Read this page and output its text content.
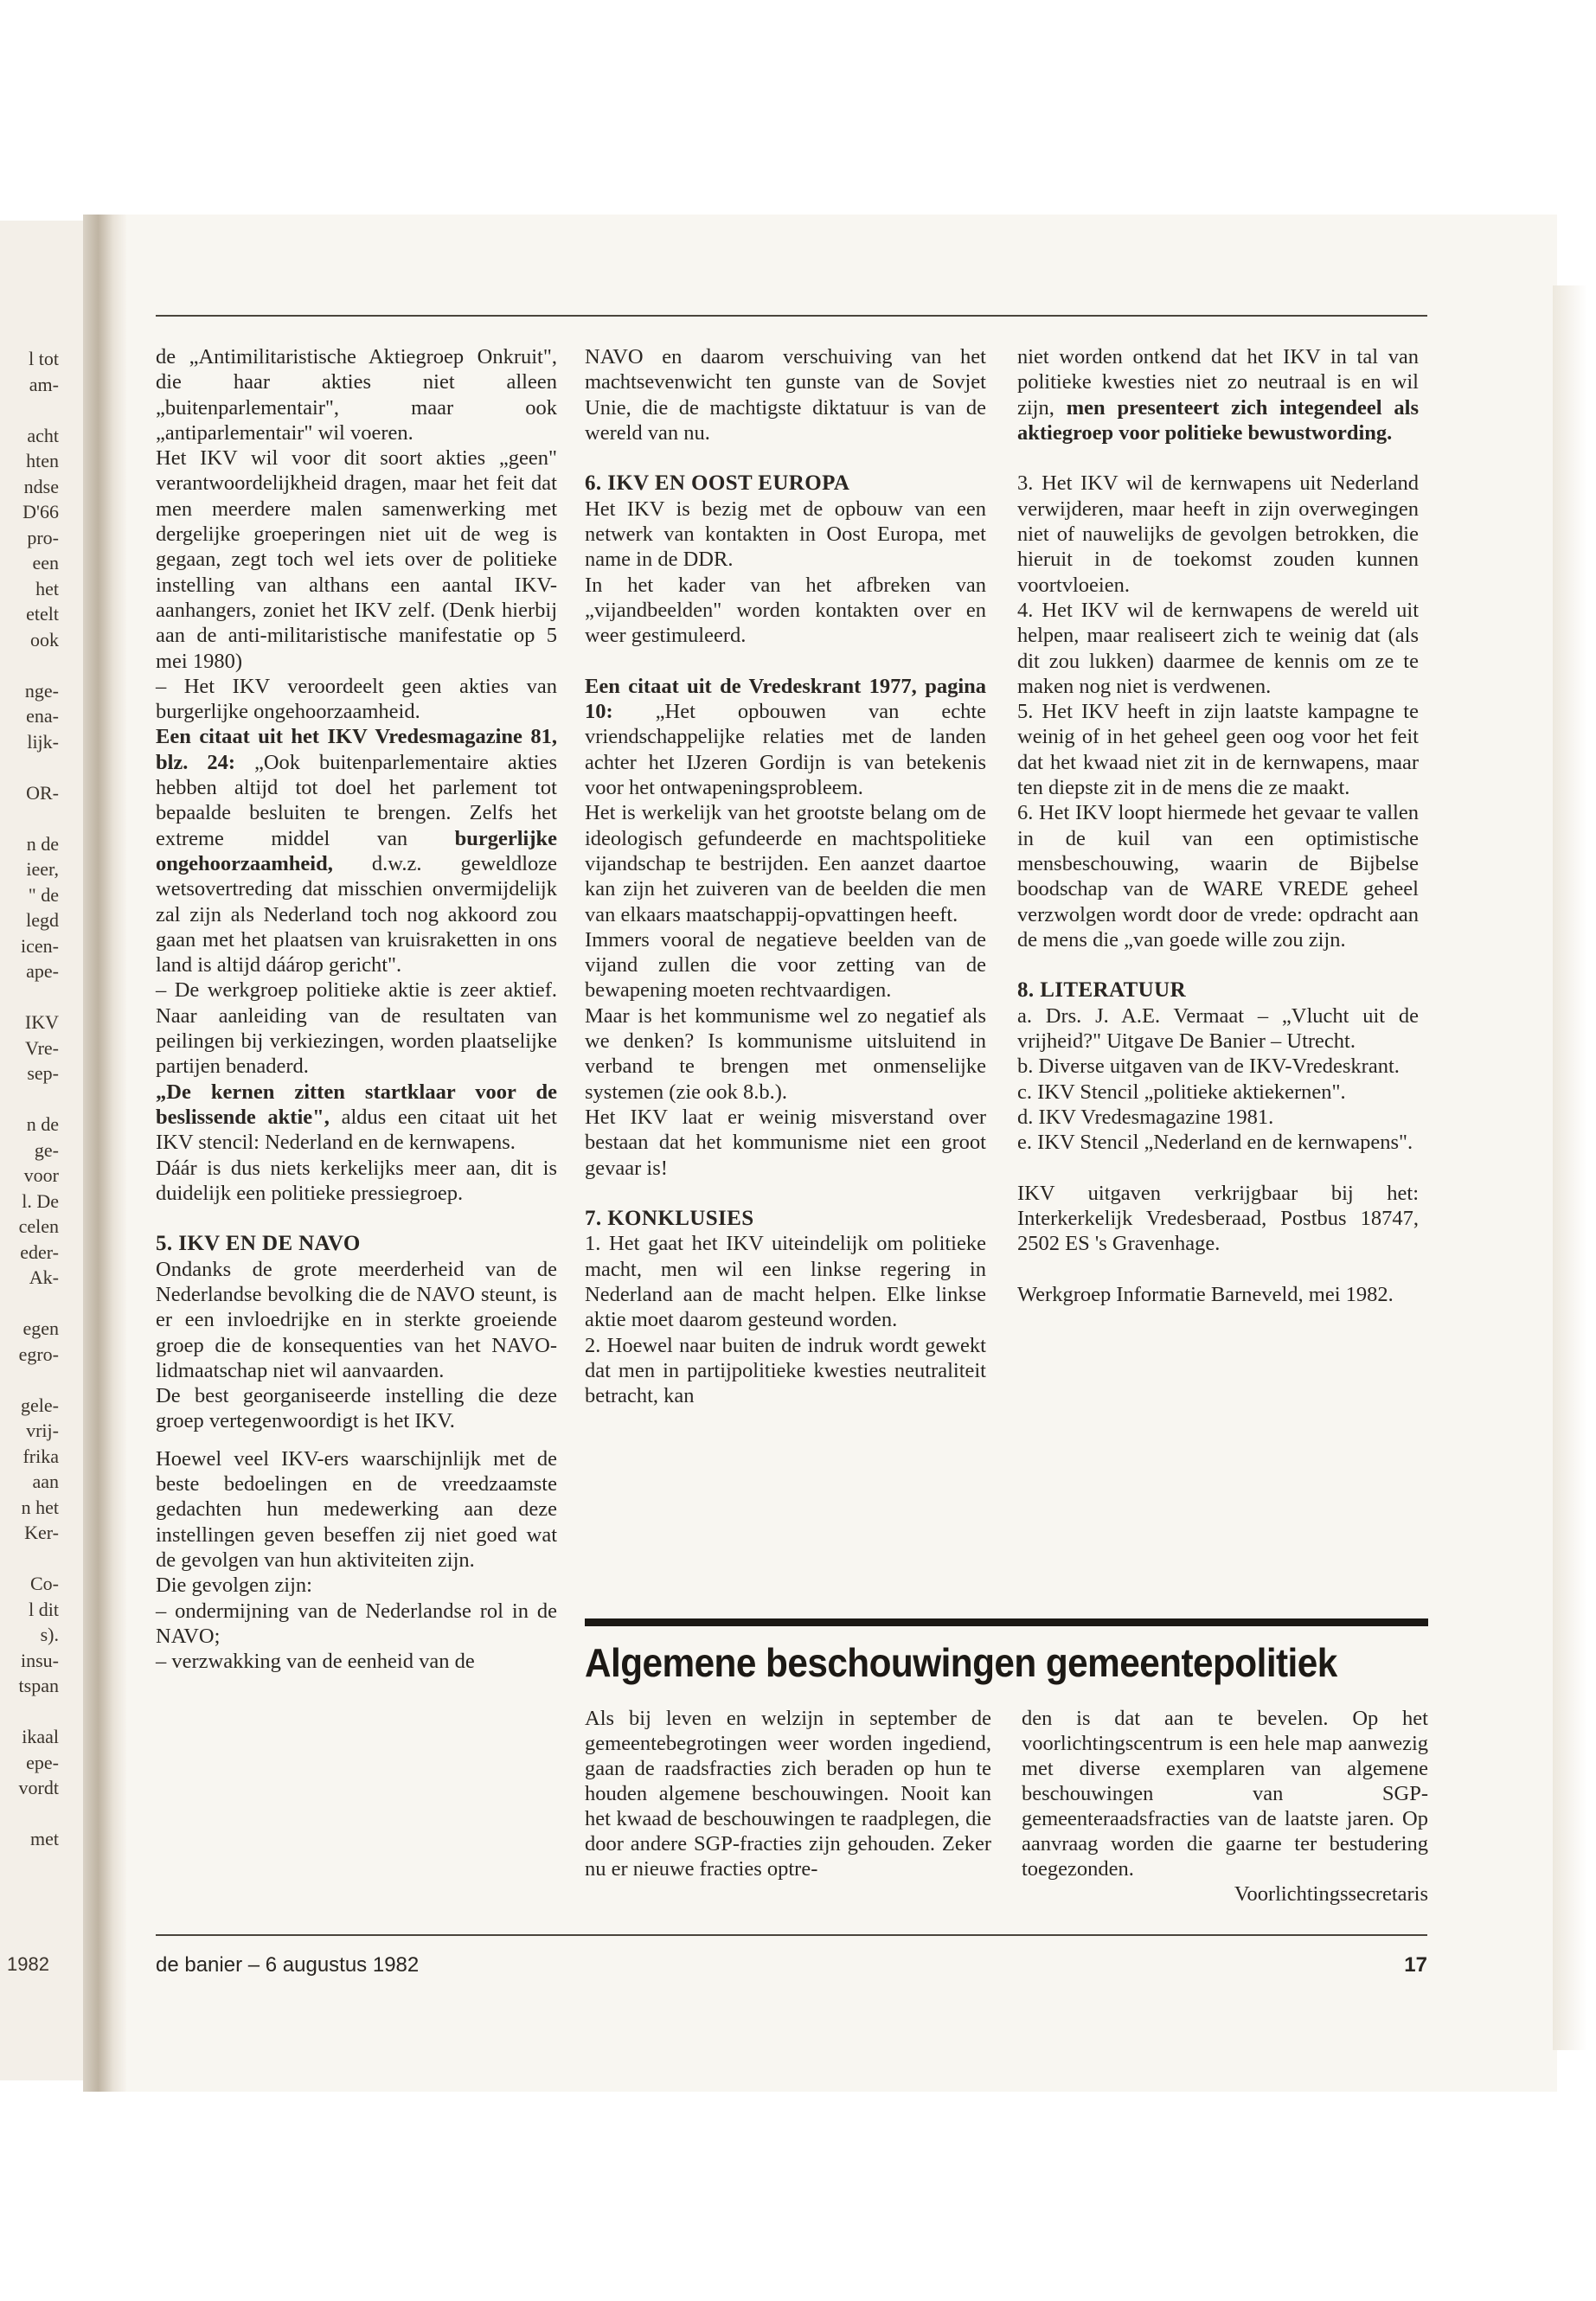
l tot
am-
acht
hten
ndse
D'66
pro-
een
het
etelt
ook
nge-
ena-
lijk-
OR-
n de
ieer,
" de
legd
icen-
ape-
IKV
Vre-
sep-
n de
ge-
voor
l. De
celen
eder-
Ak-
egen
egro-
gele-
vrij-
frika
aan
n het
Ker-
Co-
l dit
s).
insu-
tspan
ikaal
epe-
vordt
met
1982

de „Antimilitaristische Aktiegroep Onkruit", die haar akties niet alleen „buitenparlementair", maar ook „antiparlementair" wil voeren.

Het IKV wil voor dit soort akties „geen" verantwoordelijkheid dragen, maar het feit dat men meerdere malen samenwerking met dergelijke groeperingen niet uit de weg is gegaan, zegt toch wel iets over de politieke instelling van althans een aantal IKV-aanhangers, zoniet het IKV zelf. (Denk hierbij aan de anti-militaristische manifestatie op 5 mei 1980)

– Het IKV veroordeelt geen akties van burgerlijke ongehoorzaamheid.

Een citaat uit het IKV Vredesmagazine 81, blz. 24: „Ook buitenparlementaire akties hebben altijd tot doel het parlement tot bepaalde besluiten te brengen. Zelfs het extreme middel van burgerlijke ongehoorzaamheid, d.w.z. geweldloze wetsovertreding dat misschien onvermijdelijk zal zijn als Nederland toch nog akkoord zou gaan met het plaatsen van kruisraketten in ons land is altijd dáárop gericht".

– De werkgroep politieke aktie is zeer aktief. Naar aanleiding van de resultaten van peilingen bij verkiezingen, worden plaatselijke partijen benaderd.

„De kernen zitten startklaar voor de beslissende aktie", aldus een citaat uit het IKV stencil: Nederland en de kernwapens.

Dáár is dus niets kerkelijks meer aan, dit is duidelijk een politieke pressiegroep.

5. IKV EN DE NAVO

Ondanks de grote meerderheid van de Nederlandse bevolking die de NAVO steunt, is er een invloedrijke en in sterkte groeiende groep die de konsequenties van het NAVO-lidmaatschap niet wil aanvaarden.

De best georganiseerde instelling die deze groep vertegenwoordigt is het IKV.

Hoewel veel IKV-ers waarschijnlijk met de beste bedoelingen en de vreedzaamste gedachten hun medewerking aan deze instellingen geven beseffen zij niet goed wat de gevolgen van hun aktiviteiten zijn.

Die gevolgen zijn:

– ondermijning van de Nederlandse rol in de NAVO;

– verzwakking van de eenheid van de

NAVO en daarom verschuiving van het machtsevenwicht ten gunste van de Sovjet Unie, die de machtigste diktatuur is van de wereld van nu.

6. IKV EN OOST EUROPA

Het IKV is bezig met de opbouw van een netwerk van kontakten in Oost Europa, met name in de DDR.

In het kader van het afbreken van „vijandbeelden" worden kontakten over en weer gestimuleerd.

Een citaat uit de Vredeskrant 1977, pagina 10: „Het opbouwen van echte vriendschappelijke relaties met de landen achter het IJzeren Gordijn is van betekenis voor het ontwapeningsprobleem.

Het is werkelijk van het grootste belang om de ideologisch gefundeerde en machtspolitieke vijandschap te bestrijden. Een aanzet daartoe kan zijn het zuiveren van de beelden die men van elkaars maatschappij-opvattingen heeft.

Immers vooral de negatieve beelden van de vijand zullen die voor zetting van de bewapening moeten rechtvaardigen.

Maar is het kommunisme wel zo negatief als we denken? Is kommunisme uitsluitend in verband te brengen met onmenselijke systemen (zie ook 8.b.).

Het IKV laat er weinig misverstand over bestaan dat het kommunisme niet een groot gevaar is!

7. KONKLUSIES

1. Het gaat het IKV uiteindelijk om politieke macht, men wil een linkse regering in Nederland aan de macht helpen. Elke linkse aktie moet daarom gesteund worden.

2. Hoewel naar buiten de indruk wordt gewekt dat men in partijpolitieke kwesties neutraliteit betracht, kan

niet worden ontkend dat het IKV in tal van politieke kwesties niet zo neutraal is en wil zijn, men presenteert zich integendeel als aktiegroep voor politieke bewustwording.

3. Het IKV wil de kernwapens uit Nederland verwijderen, maar heeft in zijn overwegingen niet of nauwelijks de gevolgen betrokken, die hieruit in de toekomst zouden kunnen voortvloeien.

4. Het IKV wil de kernwapens de wereld uit helpen, maar realiseert zich te weinig dat (als dit zou lukken) daarmee de kennis om ze te maken nog niet is verdwenen.

5. Het IKV heeft in zijn laatste kampagne te weinig of in het geheel geen oog voor het feit dat het kwaad niet zit in de kernwapens, maar ten diepste zit in de mens die ze maakt.

6. Het IKV loopt hiermede het gevaar te vallen in de kuil van een optimistische mensbeschouwing, waarin de Bijbelse boodschap van de WARE VREDE geheel verzwolgen wordt door de vrede: opdracht aan de mens die „van goede wille zou zijn.

8. LITERATUUR

a. Drs. J. A.E. Vermaat – „Vlucht uit de vrijheid?" Uitgave De Banier – Utrecht.

b. Diverse uitgaven van de IKV-Vredeskrant.

c. IKV Stencil „politieke aktiekernen".

d. IKV Vredesmagazine 1981.

e. IKV Stencil „Nederland en de kernwapens".

IKV uitgaven verkrijgbaar bij het: Interkerkelijk Vredesberaad, Postbus 18747, 2502 ES 's Gravenhage.

Werkgroep Informatie Barneveld, mei 1982.

Algemene beschouwingen gemeentepolitiek

Als bij leven en welzijn in september de gemeentebegrotingen weer worden ingediend, gaan de raadsfracties zich beraden op hun te houden algemene beschouwingen. Nooit kan het kwaad de beschouwingen te raadplegen, die door andere SGP-fracties zijn gehouden. Zeker nu er nieuwe fracties optre-

den is dat aan te bevelen. Op het voorlichtingscentrum is een hele map aanwezig met diverse exemplaren van algemene beschouwingen van SGP-gemeenteraadsfracties van de laatste jaren. Op aanvraag worden die gaarne ter bestudering toegezonden.

Voorlichtingssecretaris

de banier – 6 augustus 1982	17
